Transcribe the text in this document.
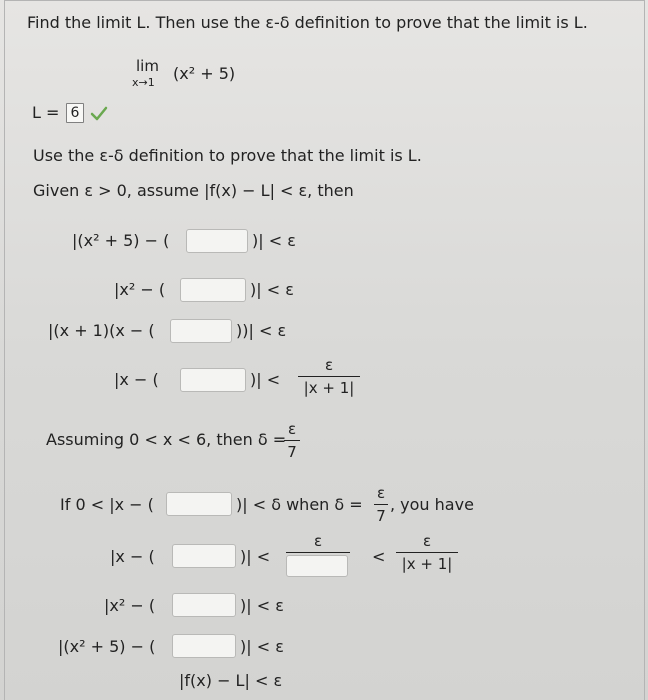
Find the limit L. Then use the ε-δ definition to prove that the limit is L.
lim
x→1 (x² + 5)
L = 6
Use the ε-δ definition to prove that the limit is L.
Given ε > 0, assume |f(x) − L| < ε, then
|(x² + 5) − (	)| < ε
|x² − (	)| < ε
|(x + 1)(x − (	))| < ε
|x − (	)| <
ε
|x + 1|
Assuming 0 < x < 6, then δ =
ε
7
If 0 < |x − (	)| < δ when δ =
ε
7
, you have
|x − (	)| <
ε
<
ε
|x + 1|
|x² − (	)| < ε
|(x² + 5) − (	)| < ε
|f(x) − L| < ε
